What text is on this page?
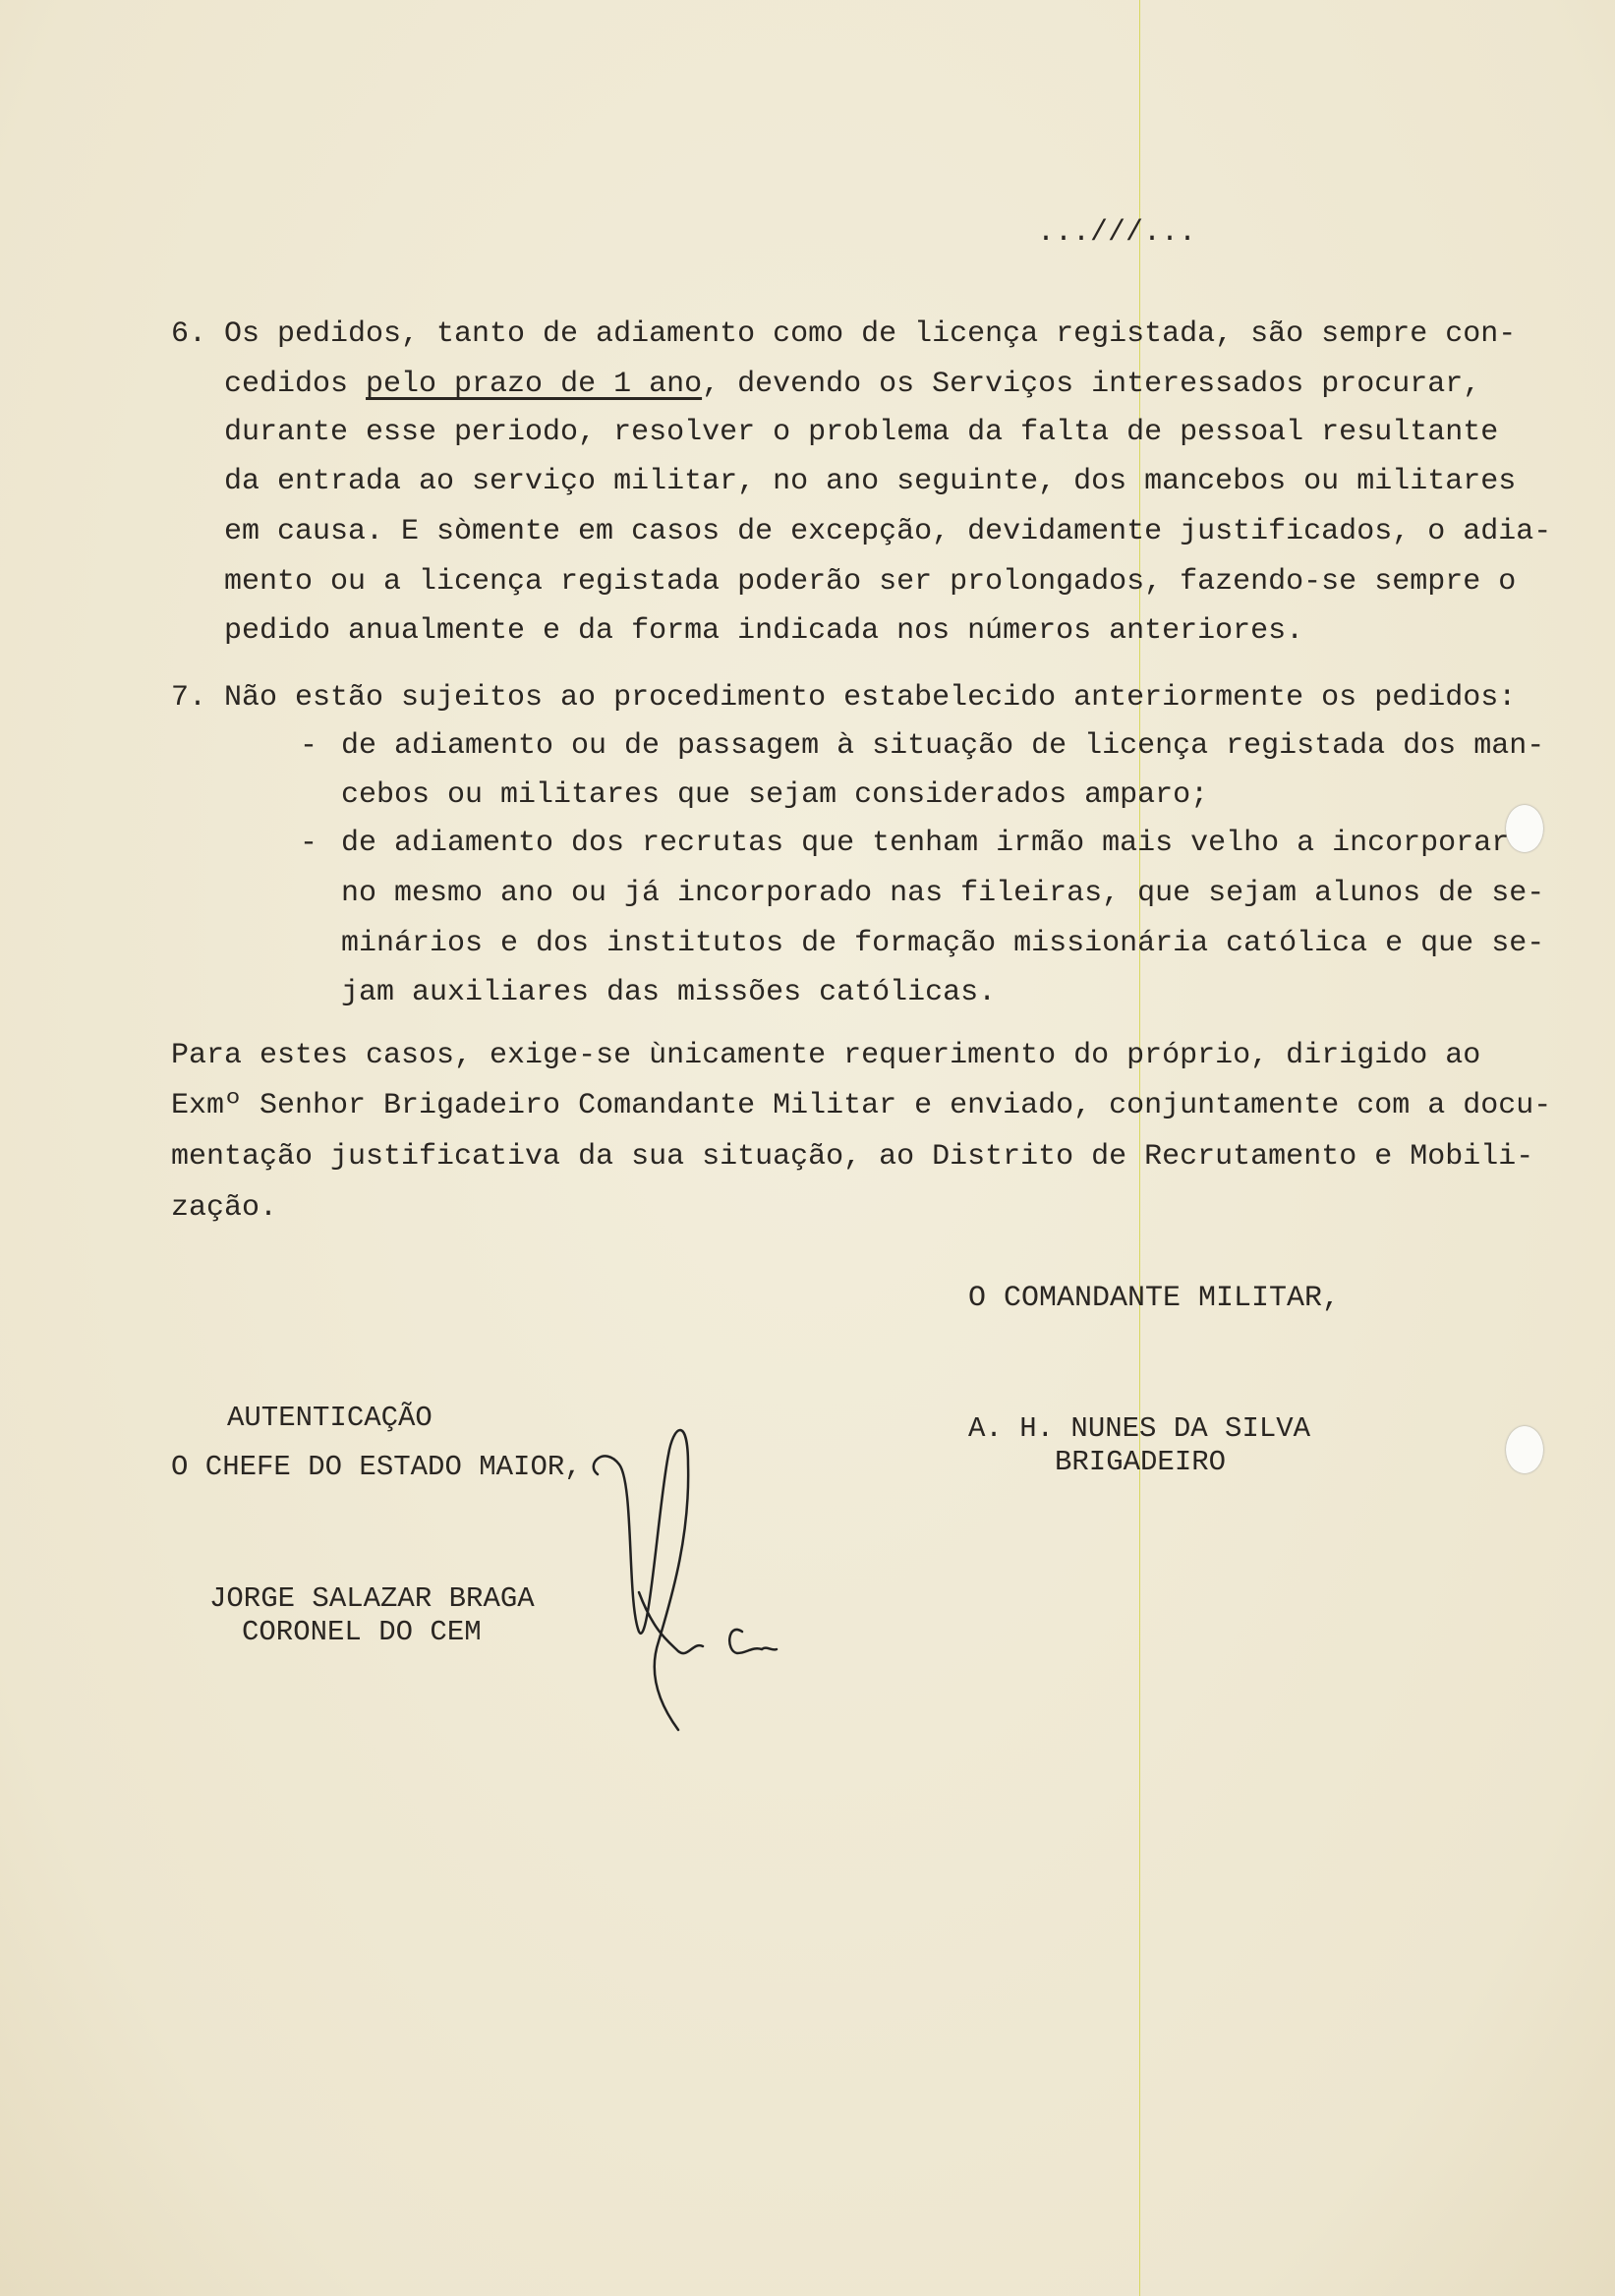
...///...
6. Os pedidos, tanto de adiamento como de licença registada, são sempre con-
cedidos pelo prazo de 1 ano, devendo os Serviços interessados procurar,
durante esse periodo, resolver o problema da falta de pessoal resultante
da entrada ao serviço militar, no ano seguinte, dos mancebos ou militares
em causa. E sòmente em casos de excepção, devidamente justificados, o adia-
mento ou a licença registada poderão ser prolongados, fazendo-se sempre o
pedido anualmente e da forma indicada nos números anteriores.
7. Não estão sujeitos ao procedimento estabelecido anteriormente os pedidos:
- de adiamento ou de passagem à situação de licença registada dos man-
cebos ou militares que sejam considerados amparo;
- de adiamento dos recrutas que tenham irmão mais velho a incorporar
no mesmo ano ou já incorporado nas fileiras, que sejam alunos de se-
minários e dos institutos de formação missionária católica e que se-
jam auxiliares das missões católicas.
Para estes casos, exige-se ùnicamente requerimento do próprio, dirigido ao
Exmº Senhor Brigadeiro Comandante Militar e enviado, conjuntamente com a docu-
mentação justificativa da sua situação, ao Distrito de Recrutamento e Mobili-
zação.
O COMANDANTE MILITAR,
AUTENTICAÇÃO
O CHEFE DO ESTADO MAIOR,
A. H. NUNES DA SILVA
BRIGADEIRO
JORGE SALAZAR BRAGA
CORONEL DO CEM
